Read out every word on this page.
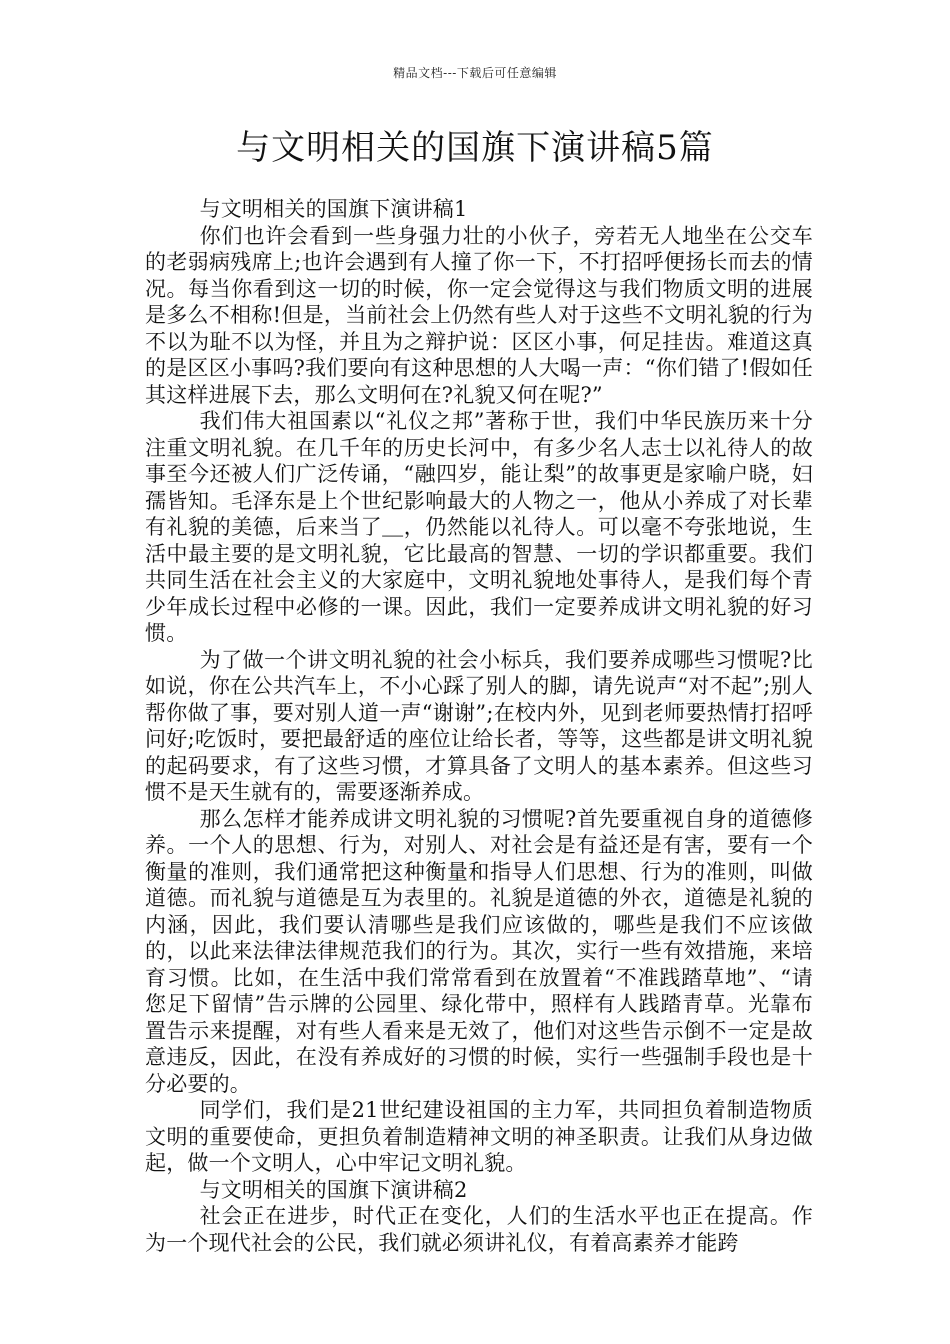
精品文档---下载后可任意编辑
与文明相关的国旗下演讲稿5篇

与文明相关的国旗下演讲稿1

你们也许会看到一些身强力壮的小伙子，旁若无人地坐在公交车的老弱病残席上;也许会遇到有人撞了你一下，不打招呼便扬长而去的情况。每当你看到这一切的时候，你一定会觉得这与我们物质文明的进展是多么不相称!但是，当前社会上仍然有些人对于这些不文明礼貌的行为不以为耻不以为怪，并且为之辩护说：区区小事，何足挂齿。难道这真的是区区小事吗?我们要向有这种思想的人大喝一声：“你们错了!假如任其这样进展下去，那么文明何在?礼貌又何在呢?”

我们伟大祖国素以“礼仪之邦”著称于世，我们中华民族历来十分注重文明礼貌。在几千年的历史长河中，有多少名人志士以礼待人的故事至今还被人们广泛传诵，“融四岁，能让梨”的故事更是家喻户晓，妇孺皆知。毛泽东是上个世纪影响最大的人物之一，他从小养成了对长辈有礼貌的美德，后来当了＿，仍然能以礼待人。可以毫不夸张地说，生活中最主要的是文明礼貌，它比最高的智慧、一切的学识都重要。我们共同生活在社会主义的大家庭中，文明礼貌地处事待人，是我们每个青少年成长过程中必修的一课。因此，我们一定要养成讲文明礼貌的好习惯。

为了做一个讲文明礼貌的社会小标兵，我们要养成哪些习惯呢?比如说，你在公共汽车上，不小心踩了别人的脚，请先说声“对不起”;别人帮你做了事，要对别人道一声“谢谢”;在校内外，见到老师要热情打招呼问好;吃饭时，要把最舒适的座位让给长者，等等，这些都是讲文明礼貌的起码要求，有了这些习惯，才算具备了文明人的基本素养。但这些习惯不是天生就有的，需要逐渐养成。

那么怎样才能养成讲文明礼貌的习惯呢?首先要重视自身的道德修养。一个人的思想、行为，对别人、对社会是有益还是有害，要有一个衡量的准则，我们通常把这种衡量和指导人们思想、行为的准则，叫做道德。而礼貌与道德是互为表里的。礼貌是道德的外衣，道德是礼貌的内涵，因此，我们要认清哪些是我们应该做的，哪些是我们不应该做的，以此来法律法律规范我们的行为。其次，实行一些有效措施，来培育习惯。比如，在生活中我们常常看到在放置着“不准践踏草地”、“请您足下留情”告示牌的公园里、绿化带中，照样有人践踏青草。光靠布置告示来提醒，对有些人看来是无效了，他们对这些告示倒不一定是故意违反，因此，在没有养成好的习惯的时候，实行一些强制手段也是十分必要的。

同学们，我们是21世纪建设祖国的主力军，共同担负着制造物质文明的重要使命，更担负着制造精神文明的神圣职责。让我们从身边做起，做一个文明人，心中牢记文明礼貌。

与文明相关的国旗下演讲稿2

社会正在进步，时代正在变化，人们的生活水平也正在提高。作为一个现代社会的公民，我们就必须讲礼仪，有着高素养才能跨
